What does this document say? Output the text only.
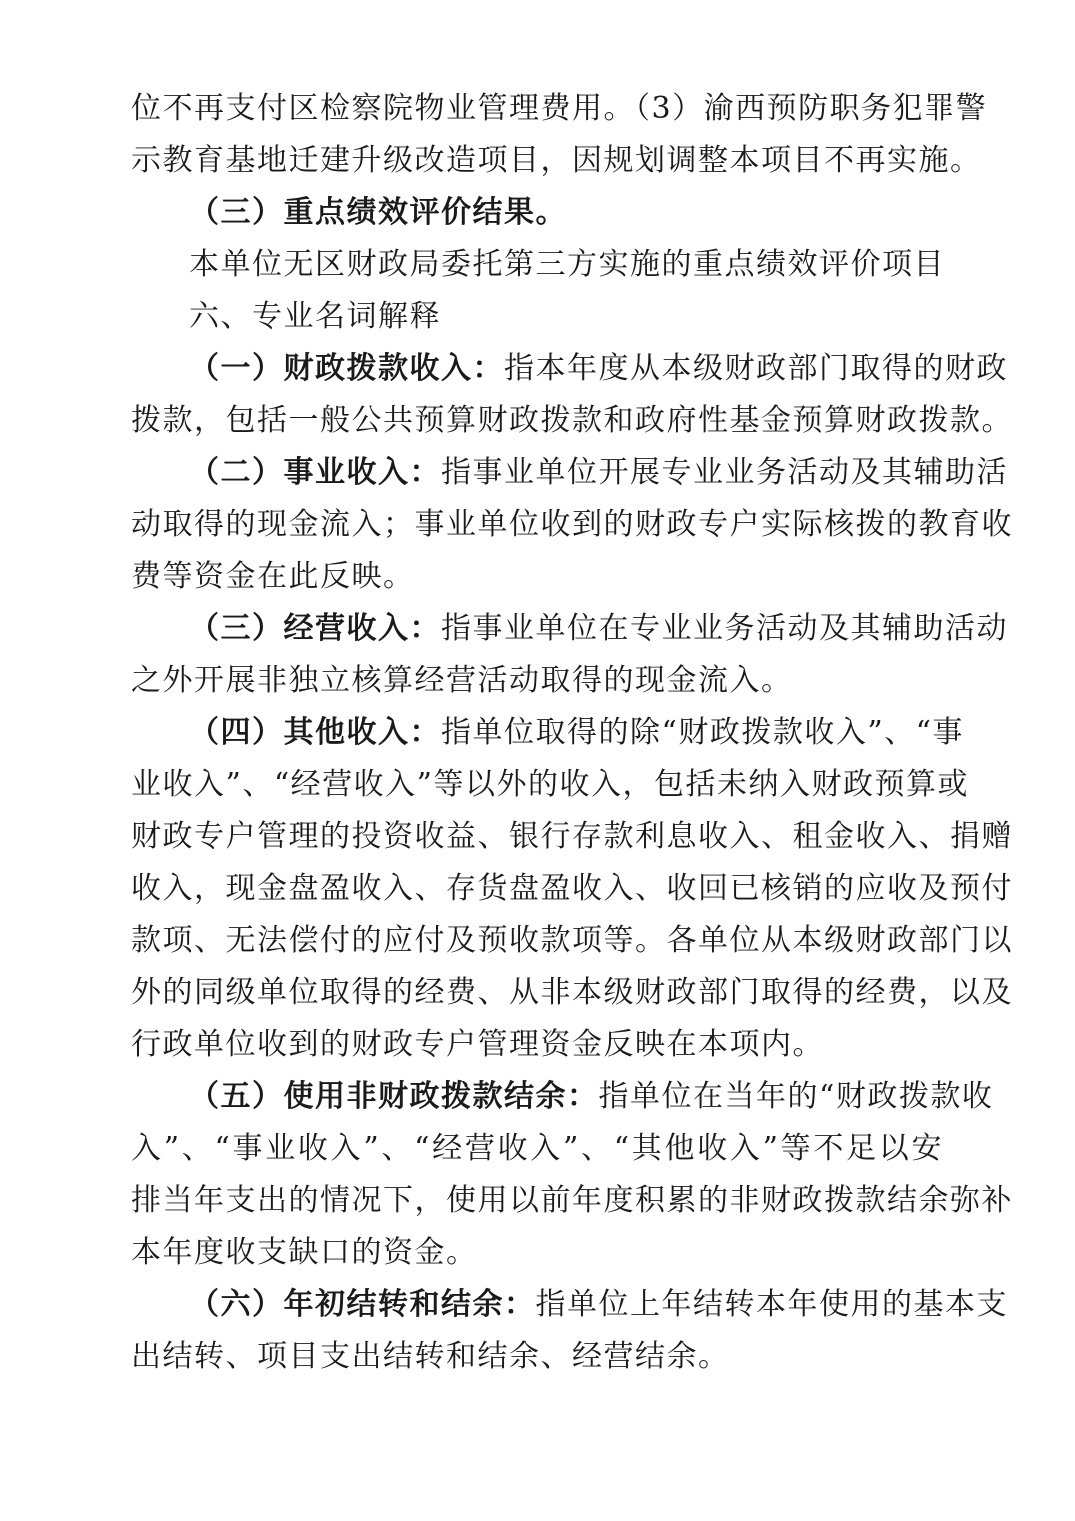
位不再支付区检察院物业管理费用。（3）渝西预防职务犯罪警
示教育基地迁建升级改造项目，因规划调整本项目不再实施。
（三）重点绩效评价结果。
本单位无区财政局委托第三方实施的重点绩效评价项目
六、专业名词解释
（一）财政拨款收入：指本年度从本级财政部门取得的财政
拨款，包括一般公共预算财政拨款和政府性基金预算财政拨款。
（二）事业收入：指事业单位开展专业业务活动及其辅助活
动取得的现金流入；事业单位收到的财政专户实际核拨的教育收
费等资金在此反映。
（三）经营收入：指事业单位在专业业务活动及其辅助活动
之外开展非独立核算经营活动取得的现金流入。
（四）其他收入：指单位取得的除“财政拨款收入”、“事
业收入”、“经营收入”等以外的收入，包括未纳入财政预算或
财政专户管理的投资收益、银行存款利息收入、租金收入、捐赠
收入，现金盘盈收入、存货盘盈收入、收回已核销的应收及预付
款项、无法偿付的应付及预收款项等。各单位从本级财政部门以
外的同级单位取得的经费、从非本级财政部门取得的经费，以及
行政单位收到的财政专户管理资金反映在本项内。
（五）使用非财政拨款结余：指单位在当年的“财政拨款收
入”、“事业收入”、“经营收入”、“其他收入”等不足以安
排当年支出的情况下，使用以前年度积累的非财政拨款结余弥补
本年度收支缺口的资金。
（六）年初结转和结余：指单位上年结转本年使用的基本支
出结转、项目支出结转和结余、经营结余。
